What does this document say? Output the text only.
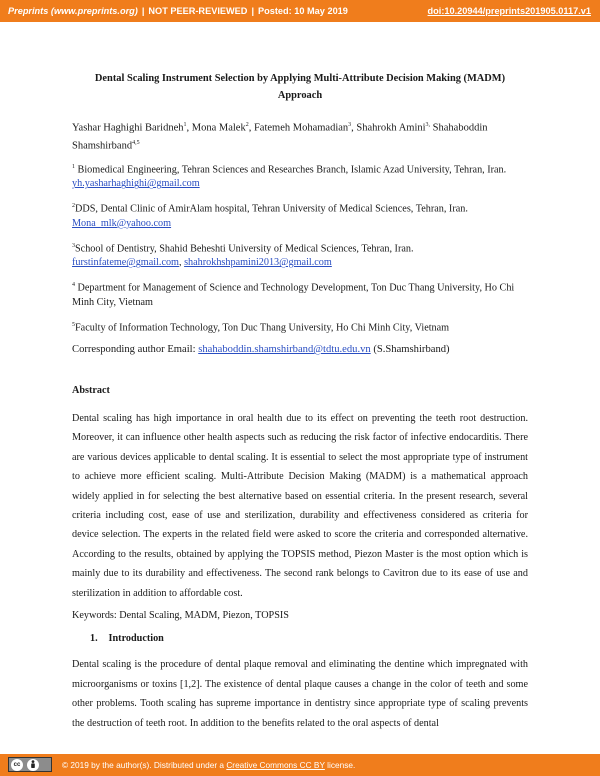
Preprints (www.preprints.org) | NOT PEER-REVIEWED | Posted: 10 May 2019	doi:10.20944/preprints201905.0117.v1
Dental Scaling Instrument Selection by Applying Multi-Attribute Decision Making (MADM)
Approach
Yashar Haghighi Baridneh$^1$, Mona Malek$^2$, Fatemeh Mohamadian$^3$, Shahrokh Amini$^{3,}$ Shahaboddin Shamshirband$^{4,5}$
$^1$ Biomedical Engineering, Tehran Sciences and Researches Branch, Islamic Azad University, Tehran, Iran. yh.yasharhaghighi@gmail.com
$^2$DDS, Dental Clinic of AmirAlam hospital, Tehran University of Medical Sciences, Tehran, Iran.
Mona_mlk@yahoo.com
$^3$School of Dentistry, Shahid Beheshti University of Medical Sciences, Tehran, Iran.
furstinfateme@gmail.com, shahrokhshpamini2013@gmail.com
$^4$ Department for Management of Science and Technology Development, Ton Duc Thang University, Ho Chi Minh City, Vietnam
$^5$Faculty of Information Technology, Ton Duc Thang University, Ho Chi Minh City, Vietnam
Corresponding author Email: shahaboddin.shamshirband@tdtu.edu.vn (S.Shamshirband)
Abstract

Dental scaling has high importance in oral health due to its effect on preventing the teeth root destruction. Moreover, it can influence other health aspects such as reducing the risk factor of infective endocarditis. There are various devices applicable to dental scaling. It is essential to select the most appropriate type of instrument to achieve more efficient scaling. Multi-Attribute Decision Making (MADM) is a mathematical approach widely applied in for selecting the best alternative based on essential criteria. In the present research, several criteria including cost, ease of use and sterilization, durability and effectiveness considered as criteria for device selection. The experts in the related field were asked to score the criteria and corresponded alternative. According to the results, obtained by applying the TOPSIS method, Piezon Master is the most option which is mainly due to its durability and effectiveness. The second rank belongs to Cavitron due to its ease of use and sterilization in addition to affordable cost.

Keywords: Dental Scaling, MADM, Piezon, TOPSIS

1. Introduction

Dental scaling is the procedure of dental plaque removal and eliminating the dentine which impregnated with microorganisms or toxins [1,2]. The existence of dental plaque causes a change in the color of teeth and some other problems. Tooth scaling has supreme importance in dentistry since appropriate type of scaling prevents the destruction of teeth root. In addition to the benefits related to the oral aspects of dental

cc	© 2019 by the author(s). Distributed under a Creative Commons CC BY license.
